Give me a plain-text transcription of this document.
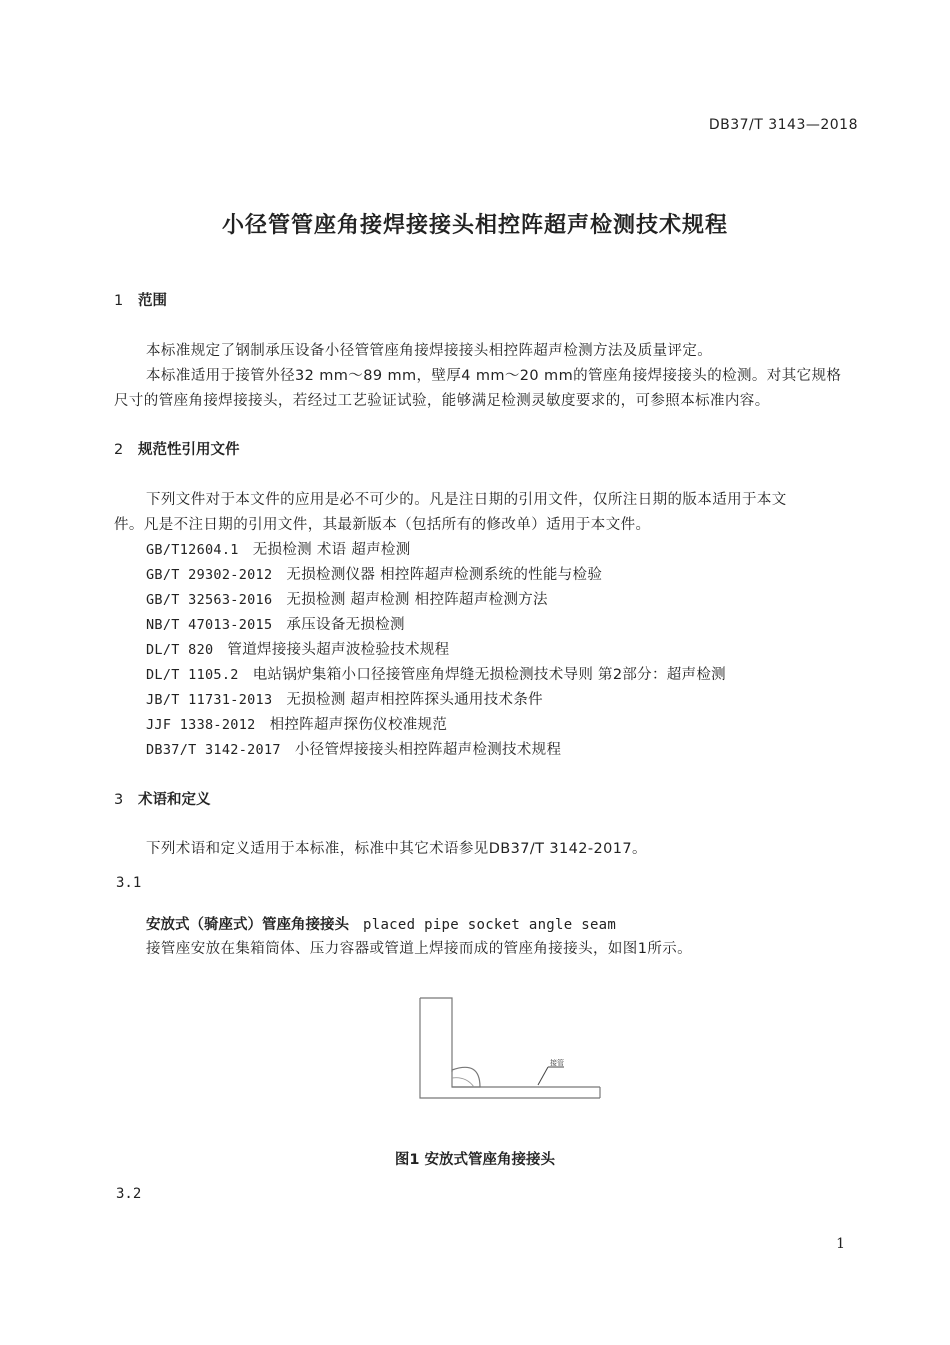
DB37/T 3143—2018
小径管管座角接焊接接头相控阵超声检测技术规程
1 范围
本标准规定了钢制承压设备小径管管座角接焊接接头相控阵超声检测方法及质量评定。
本标准适用于接管外径32 mm～89 mm，壁厚4 mm～20 mm的管座角接焊接接头的检测。对其它规格
尺寸的管座角接焊接接头，若经过工艺验证试验，能够满足检测灵敏度要求的，可参照本标准内容。
2 规范性引用文件
下列文件对于本文件的应用是必不可少的。凡是注日期的引用文件，仅所注日期的版本适用于本文
件。凡是不注日期的引用文件，其最新版本（包括所有的修改单）适用于本文件。
GB/T12604.1 无损检测 术语 超声检测
GB/T 29302-2012 无损检测仪器 相控阵超声检测系统的性能与检验
GB/T 32563-2016 无损检测 超声检测 相控阵超声检测方法
NB/T 47013-2015 承压设备无损检测
DL/T 820 管道焊接接头超声波检验技术规程
DL/T 1105.2 电站锅炉集箱小口径接管座角焊缝无损检测技术导则 第2部分：超声检测
JB/T 11731-2013 无损检测 超声相控阵探头通用技术条件
JJF 1338-2012 相控阵超声探伤仪校准规范
DB37/T 3142-2017 小径管焊接接头相控阵超声检测技术规程
3 术语和定义
下列术语和定义适用于本标准，标准中其它术语参见DB37/T 3142-2017。
3.1
安放式（骑座式）管座角接接头 placed pipe socket angle seam
接管座安放在集箱筒体、压力容器或管道上焊接而成的管座角接接头，如图1所示。
接管
图1 安放式管座角接接头
3.2
1
